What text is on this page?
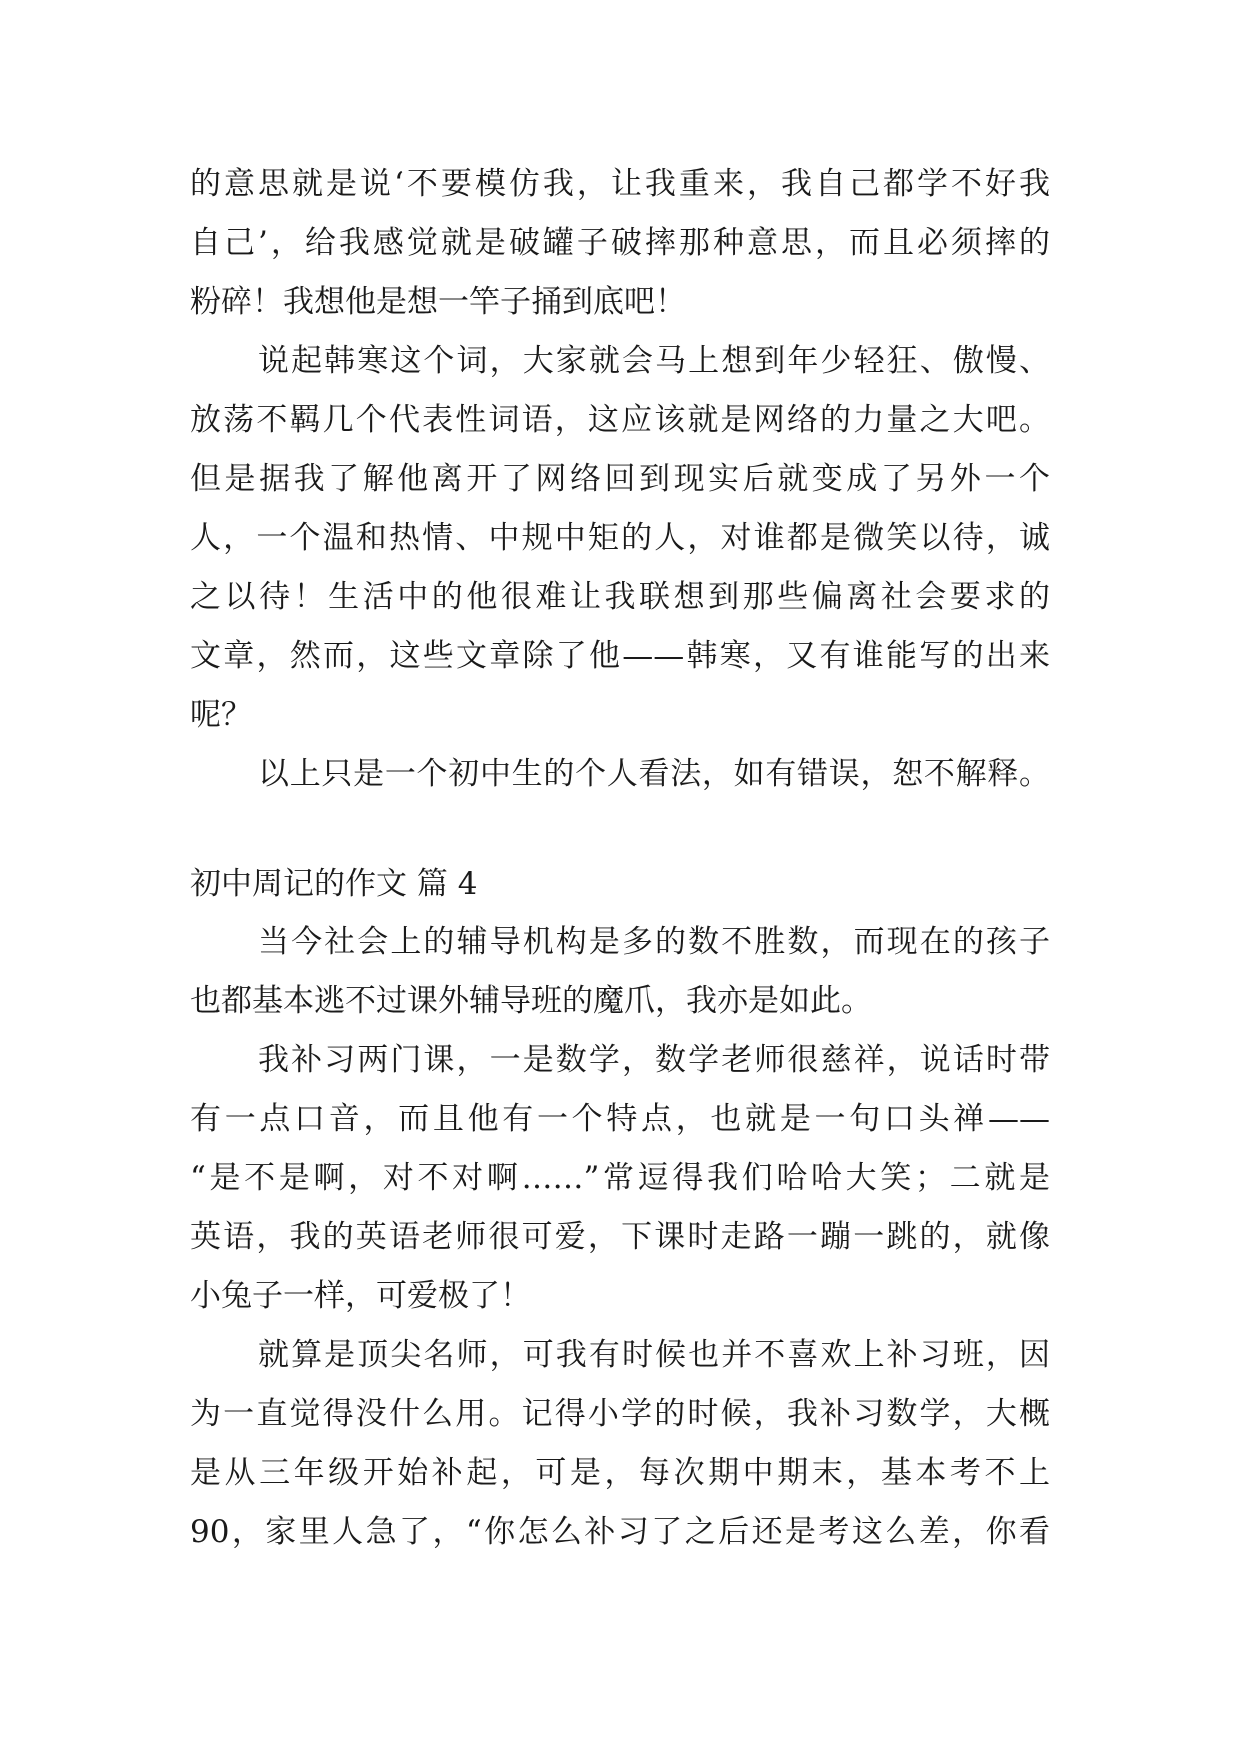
的意思就是说‘不要模仿我，让我重来，我自己都学不好我
自己’，给我感觉就是破罐子破摔那种意思，而且必须摔的
粉碎！我想他是想一竿子捅到底吧！
说起韩寒这个词，大家就会马上想到年少轻狂、傲慢、
放荡不羁几个代表性词语，这应该就是网络的力量之大吧。
但是据我了解他离开了网络回到现实后就变成了另外一个
人，一个温和热情、中规中矩的人，对谁都是微笑以待，诚
之以待！生活中的他很难让我联想到那些偏离社会要求的
文章，然而，这些文章除了他——韩寒，又有谁能写的出来
呢？
以上只是一个初中生的个人看法，如有错误，恕不解释。
初中周记的作文 篇 4
当今社会上的辅导机构是多的数不胜数，而现在的孩子
也都基本逃不过课外辅导班的魔爪，我亦是如此。
我补习两门课，一是数学，数学老师很慈祥，说话时带
有一点口音，而且他有一个特点，也就是一句口头禅——
“是不是啊，对不对啊……”常逗得我们哈哈大笑；二就是
英语，我的英语老师很可爱，下课时走路一蹦一跳的，就像
小兔子一样，可爱极了！
就算是顶尖名师，可我有时候也并不喜欢上补习班，因
为一直觉得没什么用。记得小学的时候，我补习数学，大概
是从三年级开始补起，可是，每次期中期末，基本考不上
90，家里人急了，“你怎么补习了之后还是考这么差，你看
